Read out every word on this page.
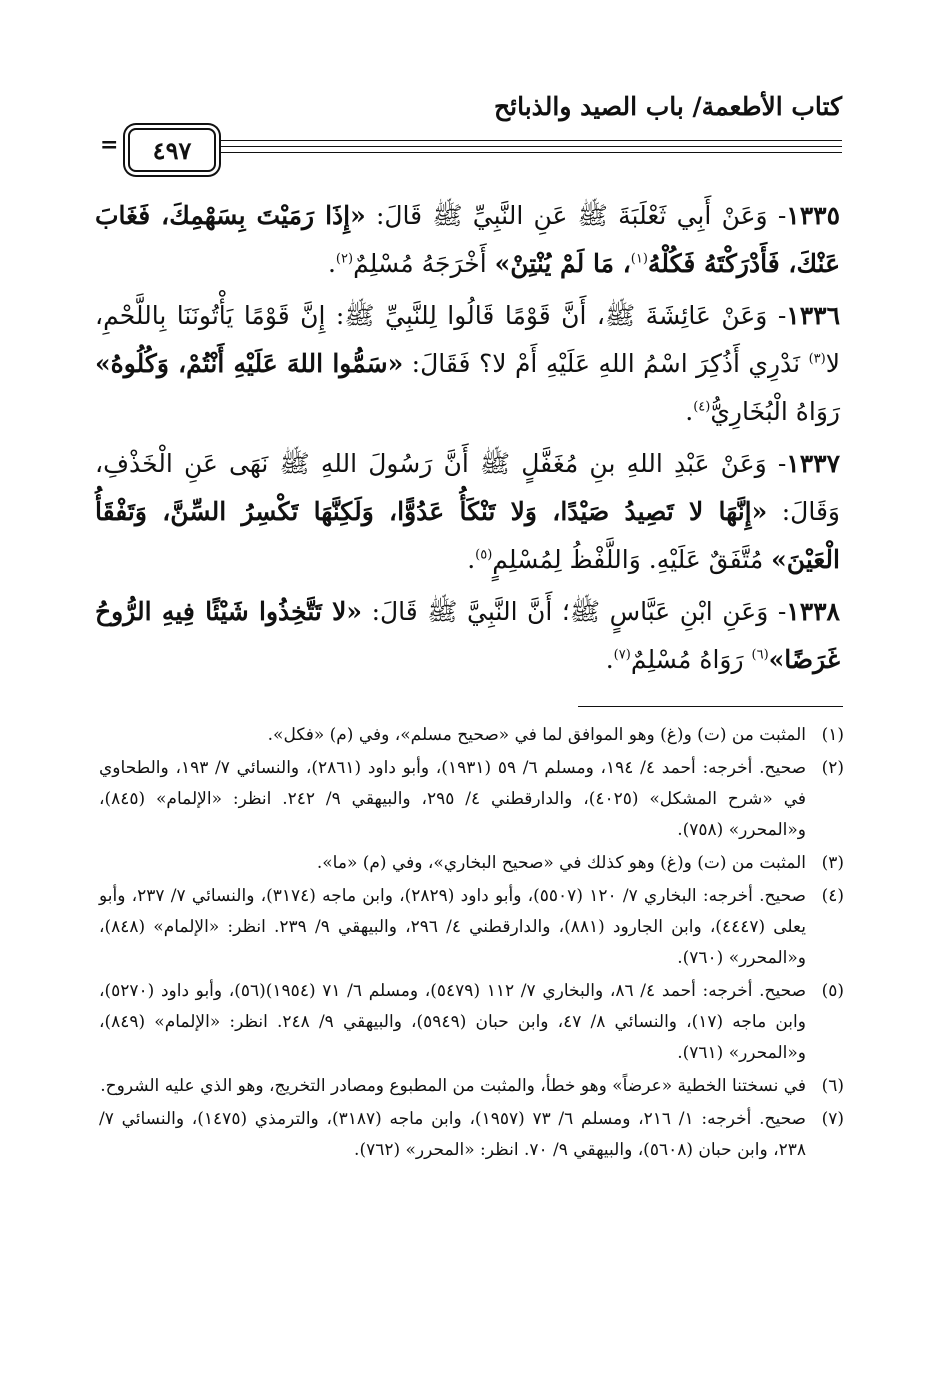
كتاب الأطعمة/ باب الصيد والذبائح
٤٩٧
=

١٣٣٥- وَعَنْ أَبِي ثَعْلَبَةَ ﷺ عَنِ النَّبِيِّ ﷺ قَالَ: «إِذَا رَمَيْتَ بِسَهْمِكَ، فَغَابَ عَنْكَ، فَأَدْرَكْتَهُ فَكُلْهُ$^{(١)}$، مَا لَمْ يُنْتِنْ» أَخْرَجَهُ مُسْلِمٌ$^{(٢)}$.

١٣٣٦- وَعَنْ عَائِشَةَ ﷺ، أَنَّ قَوْمًا قَالُوا لِلنَّبِيِّ ﷺ: إِنَّ قَوْمًا يَأْتُونَنَا بِاللَّحْمِ، لا$^{(٣)}$ نَدْرِي أَذُكِرَ اسْمُ اللهِ عَلَيْهِ أَمْ لا؟ فَقَالَ: «سَمُّوا اللهَ عَلَيْهِ أَنْتُمْ، وَكُلُوهُ» رَوَاهُ الْبُخَارِيُّ$^{(٤)}$.

١٣٣٧- وَعَنْ عَبْدِ اللهِ بنِ مُغَفَّلٍ ﷺ أَنَّ رَسُولَ اللهِ ﷺ نَهَى عَنِ الْخَذْفِ، وَقَالَ: «إِنَّهَا لا تَصِيدُ صَيْدًا، وَلا تَنْكَأُ عَدُوًّا، وَلَكِنَّهَا تَكْسِرُ السِّنَّ، وَتَفْقَأُ الْعَيْنَ» مُتَّفَقٌ عَلَيْهِ. وَاللَّفْظُ لِمُسْلِمٍ$^{(٥)}$.

١٣٣٨- وَعَنِ ابْنِ عَبَّاسٍ ﷺ؛ أَنَّ النَّبِيَّ ﷺ قَالَ: «لا تَتَّخِذُوا شَيْئًا فِيهِ الرُّوحُ غَرَضًا»$^{(٦)}$ رَوَاهُ مُسْلِمٌ$^{(٧)}$.

(١)المثبت من (ت) و(غ) وهو الموافق لما في «صحيح مسلم»، وفي (م) «فكل».
(٢)صحيح. أخرجه: أحمد ٤/ ١٩٤، ومسلم ٦/ ٥٩ (١٩٣١)، وأبو داود (٢٨٦١)، والنسائي ٧/ ١٩٣، والطحاوي في «شرح المشكل» (٤٠٢٥)، والدارقطني ٤/ ٢٩٥، والبيهقي ٩/ ٢٤٢. انظر: «الإلمام» (٨٤٥)، و«المحرر» (٧٥٨).
(٣)المثبت من (ت) و(غ) وهو كذلك في «صحيح البخاري»، وفي (م) «ما».
(٤)صحيح. أخرجه: البخاري ٧/ ١٢٠ (٥٥٠٧)، وأبو داود (٢٨٢٩)، وابن ماجه (٣١٧٤)، والنسائي ٧/ ٢٣٧، وأبو يعلى (٤٤٤٧)، وابن الجارود (٨٨١)، والدارقطني ٤/ ٢٩٦، والبيهقي ٩/ ٢٣٩. انظر: «الإلمام» (٨٤٨)، و«المحرر» (٧٦٠).
(٥)صحيح. أخرجه: أحمد ٤/ ٨٦، والبخاري ٧/ ١١٢ (٥٤٧٩)، ومسلم ٦/ ٧١ (١٩٥٤)(٥٦)، وأبو داود (٥٢٧٠)، وابن ماجه (١٧)، والنسائي ٨/ ٤٧، وابن حبان (٥٩٤٩)، والبيهقي ٩/ ٢٤٨. انظر: «الإلمام» (٨٤٩)، و«المحرر» (٧٦١).
(٦)في نسختنا الخطية «عرضاً» وهو خطأ، والمثبت من المطبوع ومصادر التخريج، وهو الذي عليه الشروح.
(٧)صحيح. أخرجه: ١/ ٢١٦، ومسلم ٦/ ٧٣ (١٩٥٧)، وابن ماجه (٣١٨٧)، والترمذي (١٤٧٥)، والنسائي ٧/ ٢٣٨، وابن حبان (٥٦٠٨)، والبيهقي ٩/ ٧٠. انظر: «المحرر» (٧٦٢).
